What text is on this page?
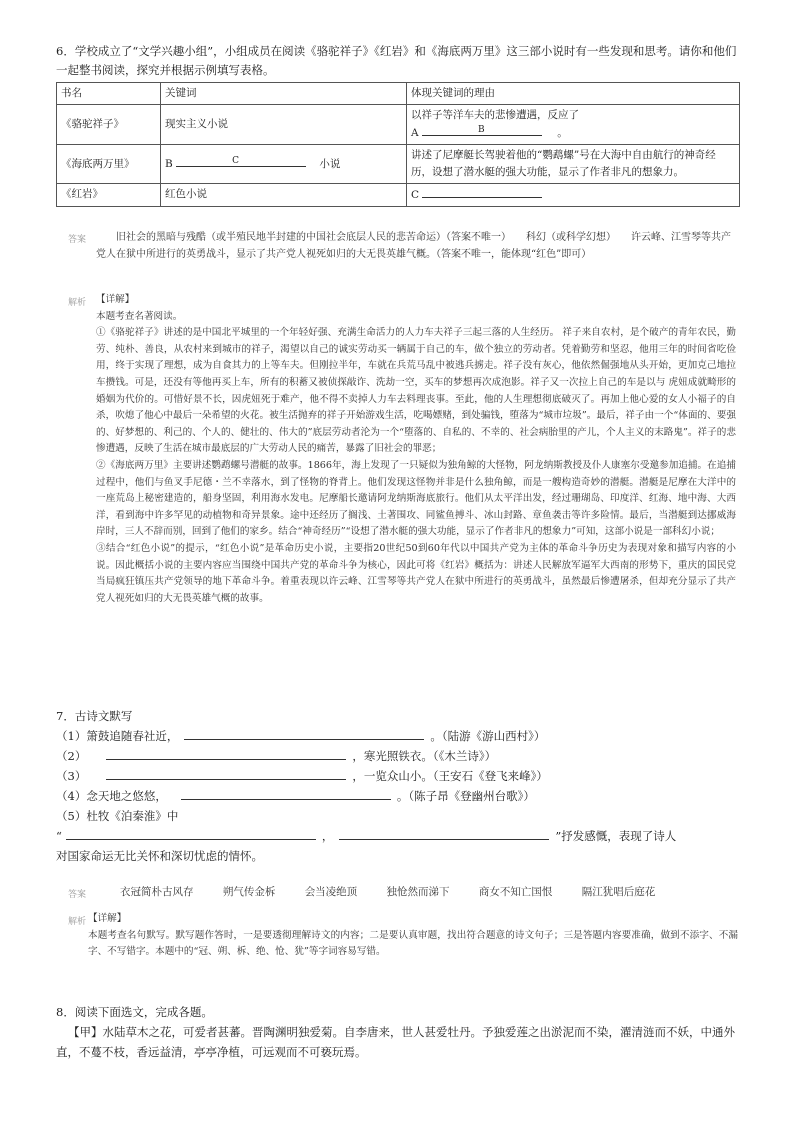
6．学校成立了“文学兴趣小组”，小组成员在阅读《骆驼祥子》《红岩》和《海底两万里》这三部小说时有一些发现和思考。请你和他们一起整书阅读，探究并根据示例填写表格。
书名	关键词	体现关键词的理由
《骆驼祥子》	现实主义小说	以祥子等洋车夫的悲惨遭遇，反应了
A B 。
《海底两万里》	B C 小说	讲述了尼摩艇长驾驶着他的“鹦鹉螺”号在大海中自由航行的神奇经历，设想了潜水艇的强大功能，显示了作者非凡的想象力。
《红岩》	红色小说	C
答案	旧社会的黑暗与残酷（或半殖民地半封建的中国社会底层人民的悲苦命运）（答案不唯一）　　科幻（或科学幻想）　　许云峰、江雪琴等共产党人在狱中所进行的英勇战斗，显示了共产党人视死如归的大无畏英雄气概。（答案不唯一，能体现“红色”即可）
解析 【详解】

本题考查名著阅读。

①《骆驼祥子》讲述的是中国北平城里的一个年轻好强、充满生命活力的人力车夫祥子三起三落的人生经历。 祥子来自农村，是个破产的青年农民，勤劳、纯朴、善良，从农村来到城市的祥子，渴望以自己的诚实劳动买一辆属于自己的车，做个独立的劳动者。凭着勤劳和坚忍，他用三年的时间省吃俭用，终于实现了理想，成为自食其力的上等车夫。但刚拉半年，车就在兵荒马乱中被逃兵掳走。祥子没有灰心，他依然倔强地从头开始，更加克己地拉车攒钱。可是，还没有等他再买上车，所有的积蓄又被侦探敲诈、洗劫一空，买车的梦想再次成泡影。祥子又一次拉上自己的车是以与 虎妞成就畸形的婚姻为代价的。可惜好景不长，因虎妞死于难产，他不得不卖掉人力车去料理丧事。至此，他的人生理想彻底破灭了。再加上他心爱的女人小福子的自杀，吹熄了他心中最后一朵希望的火花。被生活抛弃的祥子开始游戏生活，吃喝嫖赌，到处骗钱，堕落为“城市垃圾”。最后，祥子由一个“体面的、要强的、好梦想的、利己的、个人的、健壮的、伟大的”底层劳动者沦为一个“堕落的、自私的、不幸的、社会病胎里的产儿，个人主义的末路鬼”。祥子的悲惨遭遇，反映了生活在城市最底层的广大劳动人民的痛苦，暴露了旧社会的罪恶；

②《海底两万里》主要讲述鹦鹉螺号潜艇的故事。1866年，海上发现了一只疑似为独角鲸的大怪物，阿龙纳斯教授及仆人康塞尔受邀参加追捕。在追捕过程中，他们与鱼叉手尼德・兰不幸落水，到了怪物的脊背上。他们发现这怪物并非是什么独角鲸，而是一艘构造奇妙的潜艇。潜艇是尼摩在大洋中的一座荒岛上秘密建造的，船身坚固，利用海水发电。尼摩船长邀请阿龙纳斯海底旅行。他们从太平洋出发，经过珊瑚岛、印度洋、红海、地中海、大西洋，看到海中许多罕见的动植物和奇异景象。途中还经历了搁浅、土著围攻、同鲨鱼搏斗、冰山封路、章鱼袭击等许多险情。最后，当潜艇到达挪威海岸时，三人不辞而别，回到了他们的家乡。结合“神奇经历”“设想了潜水艇的强大功能，显示了作者非凡的想象力”可知，这部小说是一部科幻小说；

③结合“红色小说”的提示，“红色小说”是革命历史小说，主要指20世纪50到60年代以中国共产党为主体的革命斗争历史为表现对象和描写内容的小说。因此概括小说的主要内容应当围绕中国共产党的革命斗争为核心，因此可将《红岩》概括为：讲述人民解放军逼军大西南的形势下，重庆的国民党当局疯狂镇压共产党领导的地下革命斗争。着重表现以许云峰、江雪琴等共产党人在狱中所进行的英勇战斗，虽然最后惨遭屠杀，但却充分显示了共产党人视死如归的大无畏英雄气概的故事。

7．古诗文默写
（1）箫鼓追随春社近，	。（陆游《游山西村》）
（2）	，寒光照铁衣。（《木兰诗》）
（3）	，一览众山小。（王安石《登飞来峰》）
（4）念天地之悠悠，	。（陈子昂《登幽州台歌》）
（5）杜牧《泊秦淮》中
“	，	”抒发感慨，表现了诗人
对国家命运无比关怀和深切忧虑的情怀。
答案	衣冠简朴古风存	朔气传金柝	会当凌绝顶	独怆然而涕下	商女不知亡国恨	隔江犹唱后庭花
解析 【详解】

本题考查名句默写。默写题作答时，一是要透彻理解诗文的内容；二是要认真审题，找出符合题意的诗文句子；三是答题内容要准确，做到不添字、不漏字、不写错字。本题中的“冠、朔、柝、绝、怆、犹”等字词容易写错。

8．阅读下面选文，完成各题。
【甲】水陆草木之花，可爱者甚蕃。晋陶渊明独爱菊。自李唐来，世人甚爱牡丹。予独爱莲之出淤泥而不染，濯清涟而不妖，中通外直，不蔓不枝，香远益清，亭亭净植，可远观而不可亵玩焉。
